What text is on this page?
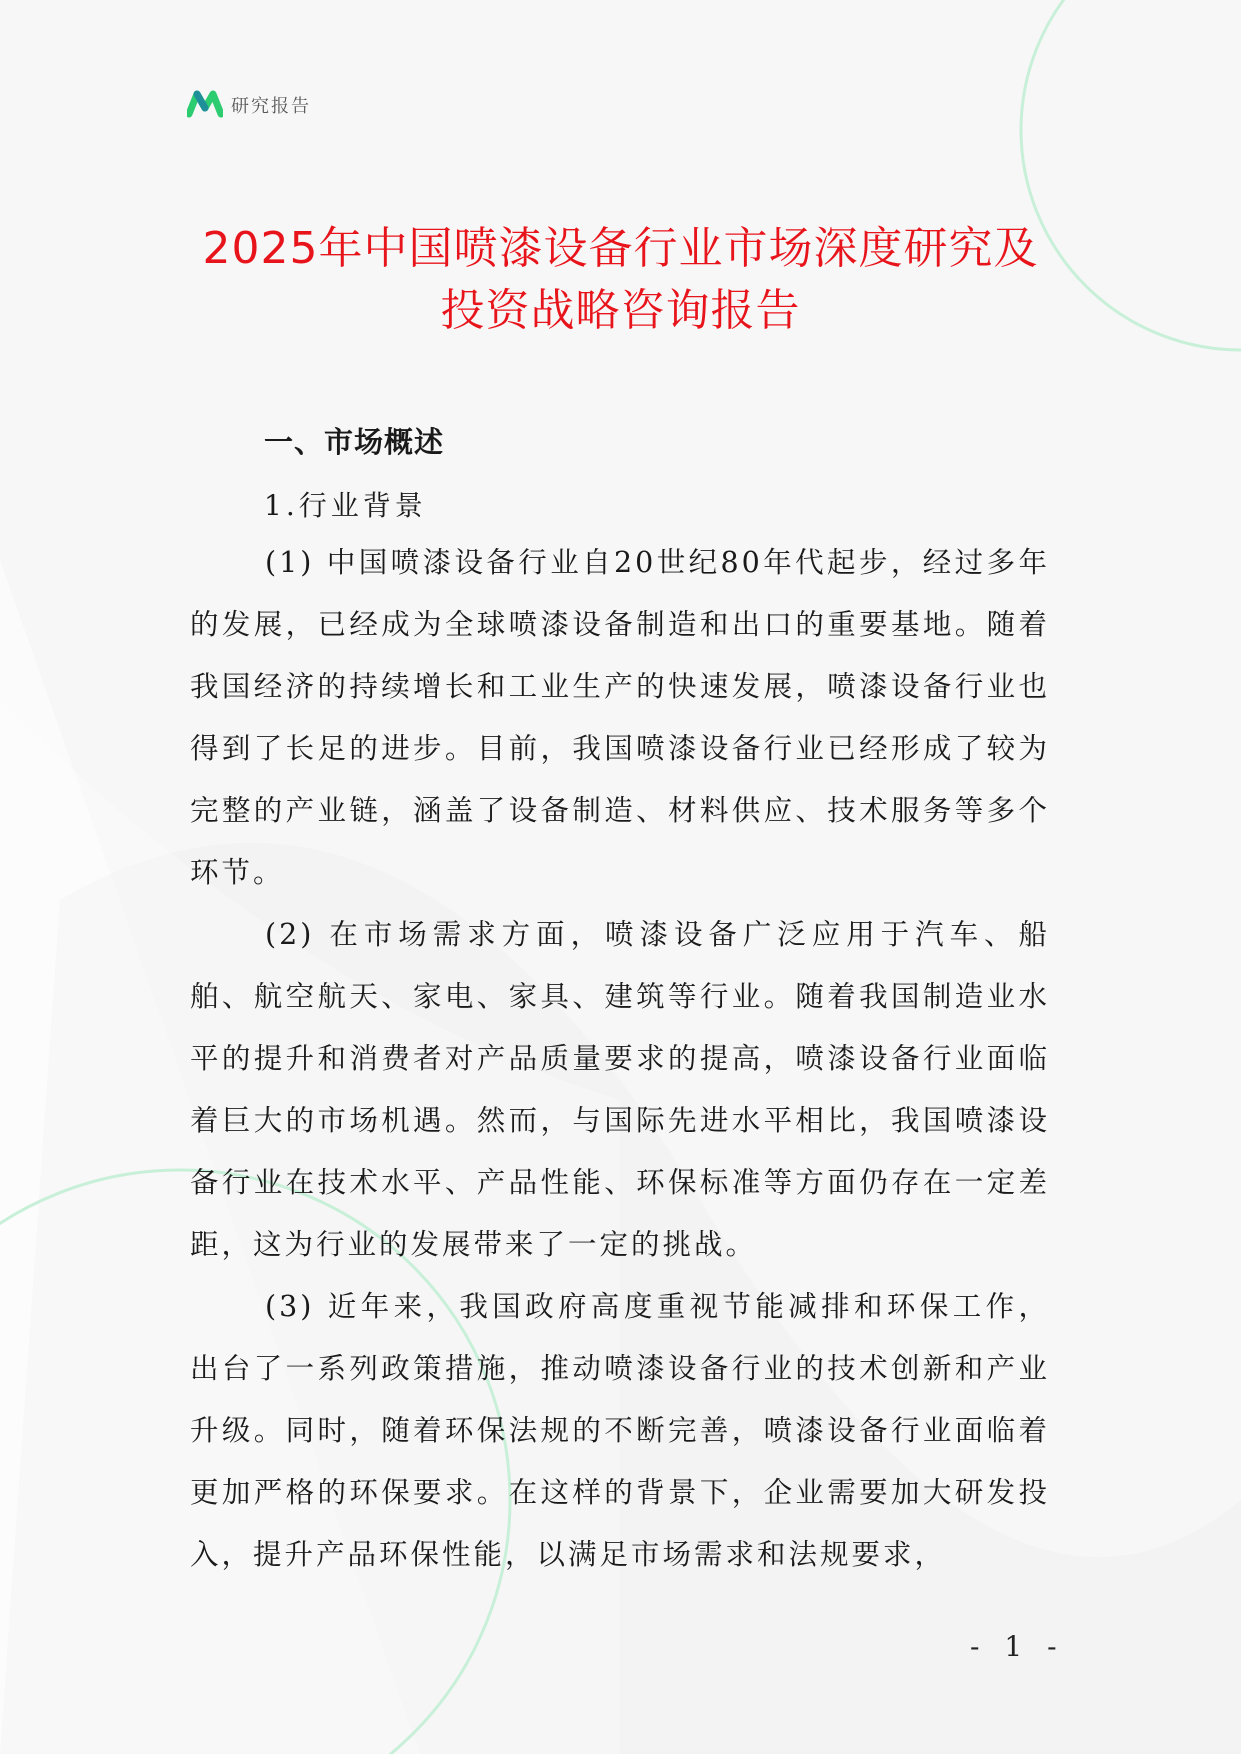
研究报告
2025年中国喷漆设备行业市场深度研究及
投资战略咨询报告
一、市场概述
1.行业背景

(1) 中国喷漆设备行业自20世纪80年代起步，经过多年的发展，已经成为全球喷漆设备制造和出口的重要基地。随着我国经济的持续增长和工业生产的快速发展，喷漆设备行业也得到了长足的进步。目前，我国喷漆设备行业已经形成了较为完整的产业链，涵盖了设备制造、材料供应、技术服务等多个环节。

(2) 在市场需求方面，喷漆设备广泛应用于汽车、船舶、航空航天、家电、家具、建筑等行业。随着我国制造业水平的提升和消费者对产品质量要求的提高，喷漆设备行业面临着巨大的市场机遇。然而，与国际先进水平相比，我国喷漆设备行业在技术水平、产品性能、环保标准等方面仍存在一定差距，这为行业的发展带来了一定的挑战。

(3) 近年来，我国政府高度重视节能减排和环保工作，出台了一系列政策措施，推动喷漆设备行业的技术创新和产业升级。同时，随着环保法规的不断完善，喷漆设备行业面临着更加严格的环保要求。在这样的背景下，企业需要加大研发投入，提升产品环保性能，以满足市场需求和法规要求，

- 1 -
